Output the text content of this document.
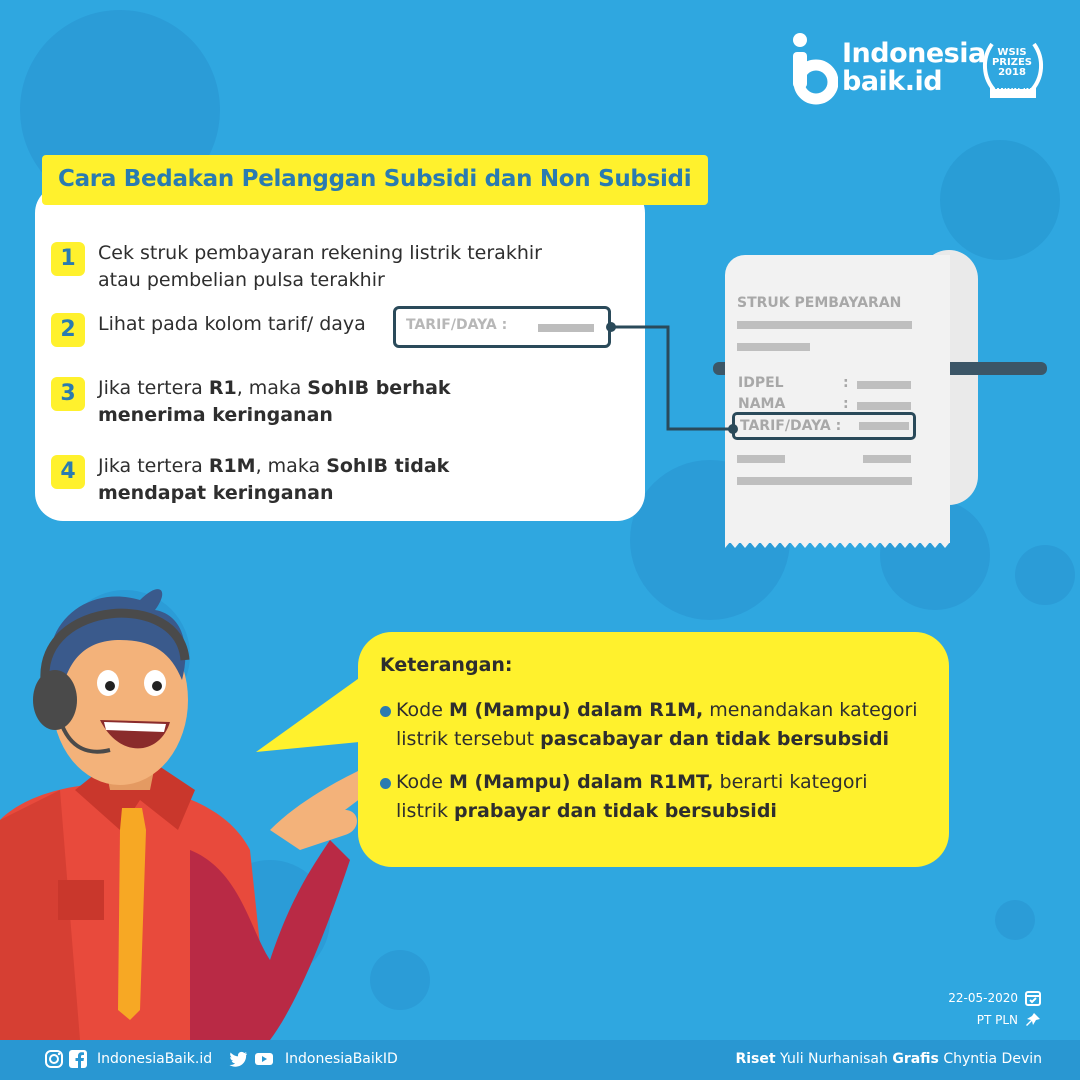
Indonesia
baik.id
WSIS
PRIZES
2018
WINNER
Cara Bedakan Pelanggan Subsidi dan Non Subsidi
1	Cek struk pembayaran rekening listrik terakhir
atau pembelian pulsa terakhir
2	Lihat pada kolom tarif/ daya	TARIF/DAYA :
3	Jika tertera R1, maka SohIB berhak
menerima keringanan
4	Jika tertera R1M, maka SohIB tidak
mendapat keringanan
STRUK PEMBAYARAN
IDPEL	:
NAMA	:
TARIF/DAYA :
Keterangan:
Kode M (Mampu) dalam R1M, menandakan kategori
listrik tersebut pascabayar dan tidak bersubsidi
Kode M (Mampu) dalam R1MT, berarti kategori
listrik prabayar dan tidak bersubsidi
22-05-2020
PT PLN
IndonesiaBaik.id	IndonesiaBaikID	Riset Yuli Nurhanisah Grafis Chyntia Devin
